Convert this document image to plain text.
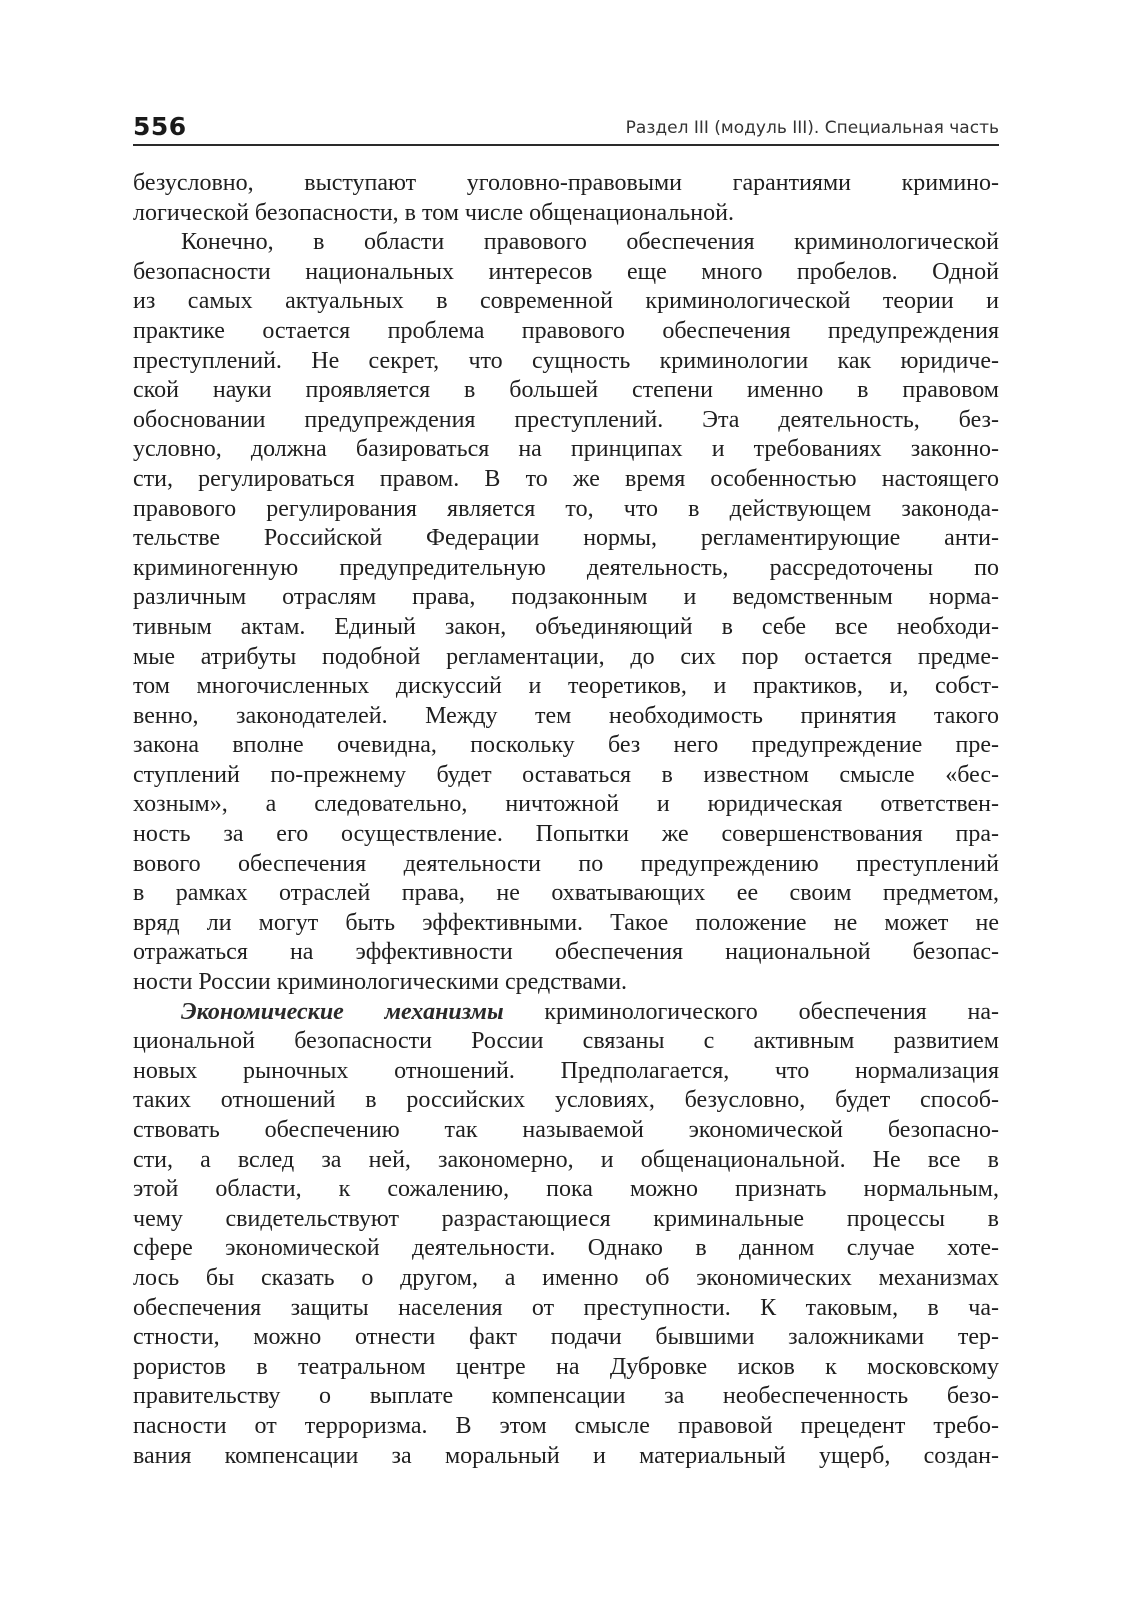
556	Раздел III (модуль III). Специальная часть
безусловно, выступают уголовно-правовыми гарантиями кримино-
логической безопасности, в том числе общенациональной.
Конечно, в области правового обеспечения криминологической
безопасности национальных интересов еще много пробелов. Одной
из самых актуальных в современной криминологической теории и
практике остается проблема правового обеспечения предупреждения
преступлений. Не секрет, что сущность криминологии как юридиче-
ской науки проявляется в большей степени именно в правовом
обосновании предупреждения преступлений. Эта деятельность, без-
условно, должна базироваться на принципах и требованиях законно-
сти, регулироваться правом. В то же время особенностью настоящего
правового регулирования является то, что в действующем законода-
тельстве Российской Федерации нормы, регламентирующие анти-
криминогенную предупредительную деятельность, рассредоточены по
различным отраслям права, подзаконным и ведомственным норма-
тивным актам. Единый закон, объединяющий в себе все необходи-
мые атрибуты подобной регламентации, до сих пор остается предме-
том многочисленных дискуссий и теоретиков, и практиков, и, собст-
венно, законодателей. Между тем необходимость принятия такого
закона вполне очевидна, поскольку без него предупреждение пре-
ступлений по-прежнему будет оставаться в известном смысле «бес-
хозным», а следовательно, ничтожной и юридическая ответствен-
ность за его осуществление. Попытки же совершенствования пра-
вового обеспечения деятельности по предупреждению преступлений
в рамках отраслей права, не охватывающих ее своим предметом,
вряд ли могут быть эффективными. Такое положение не может не
отражаться на эффективности обеспечения национальной безопас-
ности России криминологическими средствами.
Экономические механизмы криминологического обеспечения на-
циональной безопасности России связаны с активным развитием
новых рыночных отношений. Предполагается, что нормализация
таких отношений в российских условиях, безусловно, будет способ-
ствовать обеспечению так называемой экономической безопасно-
сти, а вслед за ней, закономерно, и общенациональной. Не все в
этой области, к сожалению, пока можно признать нормальным,
чему свидетельствуют разрастающиеся криминальные процессы в
сфере экономической деятельности. Однако в данном случае хоте-
лось бы сказать о другом, а именно об экономических механизмах
обеспечения защиты населения от преступности. К таковым, в ча-
стности, можно отнести факт подачи бывшими заложниками тер-
рористов в театральном центре на Дубровке исков к московскому
правительству о выплате компенсации за необеспеченность безо-
пасности от терроризма. В этом смысле правовой прецедент требо-
вания компенсации за моральный и материальный ущерб, создан-
